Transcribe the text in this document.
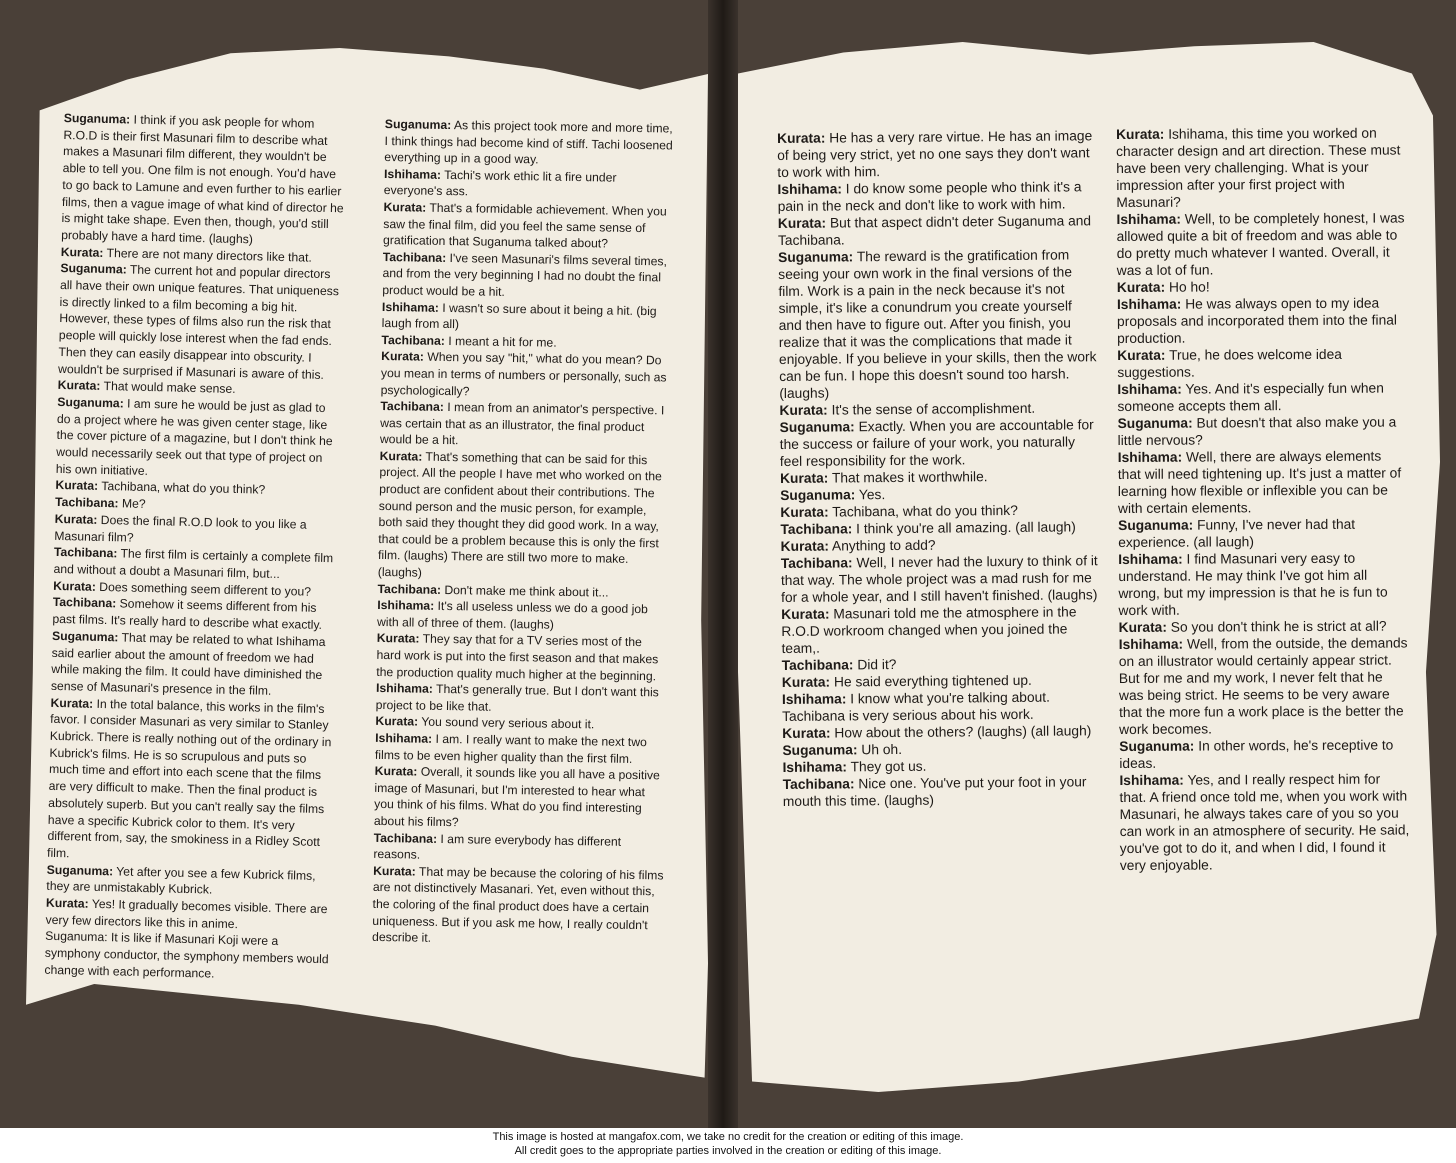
Suganuma: I think if you ask people for whom R.O.D is their first Masunari film to describe what makes a Masunari film different, they wouldn't be able to tell you. One film is not enough. You'd have to go back to Lamune and even further to his earlier films, then a vague image of what kind of director he is might take shape. Even then, though, you'd still probably have a hard time. (laughs)

Kurata: There are not many directors like that.

Suganuma: The current hot and popular directors all have their own unique features. That uniqueness is directly linked to a film becoming a big hit. However, these types of films also run the risk that people will quickly lose interest when the fad ends. Then they can easily disappear into obscurity. I wouldn't be surprised if Masunari is aware of this.

Kurata: That would make sense.

Suganuma: I am sure he would be just as glad to do a project where he was given center stage, like the cover picture of a magazine, but I don't think he would necessarily seek out that type of project on his own initiative.

Kurata: Tachibana, what do you think?

Tachibana: Me?

Kurata: Does the final R.O.D look to you like a Masunari film?

Tachibana: The first film is certainly a complete film and without a doubt a Masunari film, but...

Kurata: Does something seem different to you?

Tachibana: Somehow it seems different from his past films. It's really hard to describe what exactly.

Suganuma: That may be related to what Ishihama said earlier about the amount of freedom we had while making the film. It could have diminished the sense of Masunari's presence in the film.

Kurata: In the total balance, this works in the film's favor. I consider Masunari as very similar to Stanley Kubrick. There is really nothing out of the ordinary in Kubrick's films. He is so scrupulous and puts so much time and effort into each scene that the films are very difficult to make. Then the final product is absolutely superb. But you can't really say the films have a specific Kubrick color to them. It's very different from, say, the smokiness in a Ridley Scott film.

Suganuma: Yet after you see a few Kubrick films, they are unmistakably Kubrick.

Kurata: Yes! It gradually becomes visible. There are very few directors like this in anime.

Suganuma: It is like if Masunari Koji were a symphony conductor, the symphony members would change with each performance.

Suganuma: As this project took more and more time, I think things had become kind of stiff. Tachi loosened everything up in a good way.

Ishihama: Tachi's work ethic lit a fire under everyone's ass.

Kurata: That's a formidable achievement. When you saw the final film, did you feel the same sense of gratification that Suganuma talked about?

Tachibana: I've seen Masunari's films several times, and from the very beginning I had no doubt the final product would be a hit.

Ishihama: I wasn't so sure about it being a hit. (big laugh from all)

Tachibana: I meant a hit for me.

Kurata: When you say "hit," what do you mean? Do you mean in terms of numbers or personally, such as psychologically?

Tachibana: I mean from an animator's perspective. I was certain that as an illustrator, the final product would be a hit.

Kurata: That's something that can be said for this project. All the people I have met who worked on the product are confident about their contributions. The sound person and the music person, for example, both said they thought they did good work. In a way, that could be a problem because this is only the first film. (laughs) There are still two more to make. (laughs)

Tachibana: Don't make me think about it...

Ishihama: It's all useless unless we do a good job with all of three of them. (laughs)

Kurata: They say that for a TV series most of the hard work is put into the first season and that makes the production quality much higher at the beginning.

Ishihama: That's generally true. But I don't want this project to be like that.

Kurata: You sound very serious about it.

Ishihama: I am. I really want to make the next two films to be even higher quality than the first film.

Kurata: Overall, it sounds like you all have a positive image of Masunari, but I'm interested to hear what you think of his films. What do you find interesting about his films?

Tachibana: I am sure everybody has different reasons.

Kurata: That may be because the coloring of his films are not distinctively Masanari. Yet, even without this, the coloring of the final product does have a certain uniqueness. But if you ask me how, I really couldn't describe it.

Kurata: He has a very rare virtue. He has an image of being very strict, yet no one says they don't want to work with him.

Ishihama: I do know some people who think it's a pain in the neck and don't like to work with him.

Kurata: But that aspect didn't deter Suganuma and Tachibana.

Suganuma: The reward is the gratification from seeing your own work in the final versions of the film. Work is a pain in the neck because it's not simple, it's like a conundrum you create yourself and then have to figure out. After you finish, you realize that it was the complications that made it enjoyable. If you believe in your skills, then the work can be fun. I hope this doesn't sound too harsh. (laughs)

Kurata: It's the sense of accomplishment.

Suganuma: Exactly. When you are accountable for the success or failure of your work, you naturally feel responsibility for the work.

Kurata: That makes it worthwhile.

Suganuma: Yes.

Kurata: Tachibana, what do you think?

Tachibana: I think you're all amazing. (all laugh)

Kurata: Anything to add?

Tachibana: Well, I never had the luxury to think of it that way. The whole project was a mad rush for me for a whole year, and I still haven't finished. (laughs)

Kurata: Masunari told me the atmosphere in the R.O.D workroom changed when you joined the team,.

Tachibana: Did it?

Kurata: He said everything tightened up.

Ishihama: I know what you're talking about. Tachibana is very serious about his work.

Kurata: How about the others? (laughs) (all laugh)

Suganuma: Uh oh.

Ishihama: They got us.

Tachibana: Nice one. You've put your foot in your mouth this time. (laughs)

Kurata: Ishihama, this time you worked on character design and art direction. These must have been very challenging. What is your impression after your first project with Masunari?

Ishihama: Well, to be completely honest, I was allowed quite a bit of freedom and was able to do pretty much whatever I wanted. Overall, it was a lot of fun.

Kurata: Ho ho!

Ishihama: He was always open to my idea proposals and incorporated them into the final production.

Kurata: True, he does welcome idea suggestions.

Ishihama: Yes. And it's especially fun when someone accepts them all.

Suganuma: But doesn't that also make you a little nervous?

Ishihama: Well, there are always elements that will need tightening up. It's just a matter of learning how flexible or inflexible you can be with certain elements.

Suganuma: Funny, I've never had that experience. (all laugh)

Ishihama: I find Masunari very easy to understand. He may think I've got him all wrong, but my impression is that he is fun to work with.

Kurata: So you don't think he is strict at all?

Ishihama: Well, from the outside, the demands on an illustrator would certainly appear strict. But for me and my work, I never felt that he was being strict. He seems to be very aware that the more fun a work place is the better the work becomes.

Suganuma: In other words, he's receptive to ideas.

Ishihama: Yes, and I really respect him for that. A friend once told me, when you work with Masunari, he always takes care of you so you can work in an atmosphere of security. He said, you've got to do it, and when I did, I found it very enjoyable.

This image is hosted at mangafox.com, we take no credit for the creation or editing of this image.
All credit goes to the appropriate parties involved in the creation or editing of this image.
